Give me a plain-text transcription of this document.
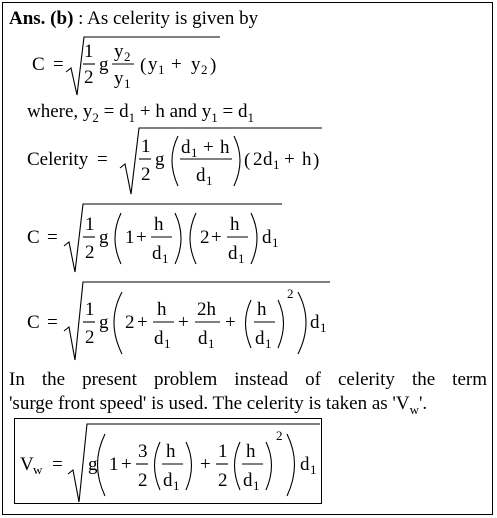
Ans. (b) : As celerity is given by
where, $y_2 = d_1 + h$ and $y_1 = d_1$
In the present problem instead of celerity the term
'surge front speed' is used. The celerity is taken as '$V_w$'.
C =
1
2
g
y 2
y 1
( y 1 + y 2 )
Celerity =
1
2
g
d 1 + h
d 1
( 2 d 1 + h )
C =
1
2
g 1 +
h
d 1
2 +
h
d 1
d 1
C =
1
2
g 2 +
h
d 1
+
2h
d 1
+
h
d 1
2
d 1
V w = g 1 +
3
2
h
d 1
+
1
2
h
d 1
2
d 1
